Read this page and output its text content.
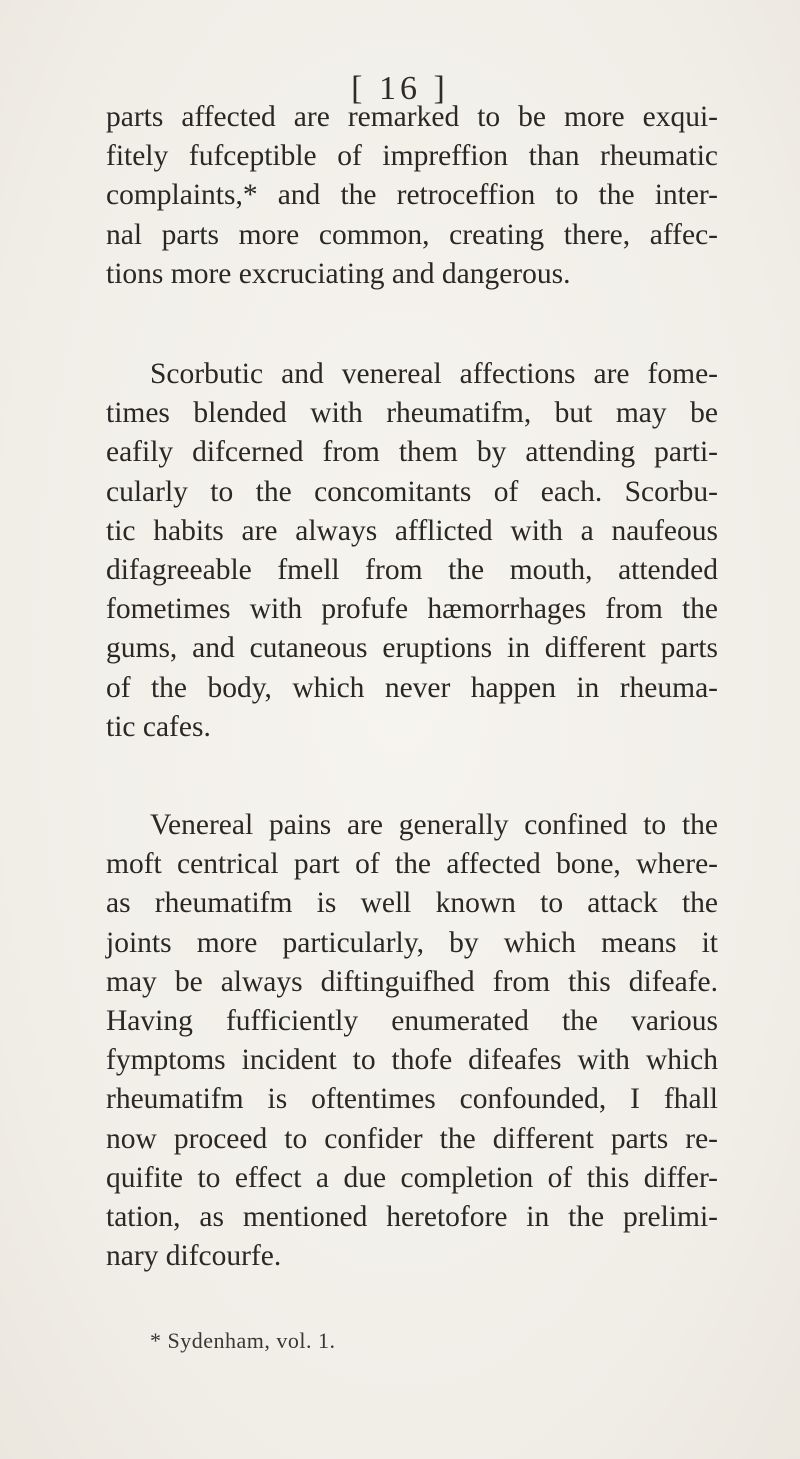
[ 16 ]
parts affected are remarked to be more exqui-
fitely fufceptible of impreffion than rheumatic
complaints,* and the retroceffion to the inter-
nal parts more common, creating there, affec-
tions more excruciating and dangerous.
Scorbutic and venereal affections are fome-
times blended with rheumatifm, but may be
eafily difcerned from them by attending parti-
cularly to the concomitants of each. Scorbu-
tic habits are always afflicted with a naufeous
difagreeable fmell from the mouth, attended
fometimes with profufe hæmorrhages from the
gums, and cutaneous eruptions in different parts
of the body, which never happen in rheuma-
tic cafes.
Venereal pains are generally confined to the
moft centrical part of the affected bone, where-
as rheumatifm is well known to attack the
joints more particularly, by which means it
may be always diftinguifhed from this difeafe.
Having fufficiently enumerated the various
fymptoms incident to thofe difeafes with which
rheumatifm is oftentimes confounded, I fhall
now proceed to confider the different parts re-
quifite to effect a due completion of this differ-
tation, as mentioned heretofore in the prelimi-
nary difcourfe.
* Sydenham, vol. 1.
